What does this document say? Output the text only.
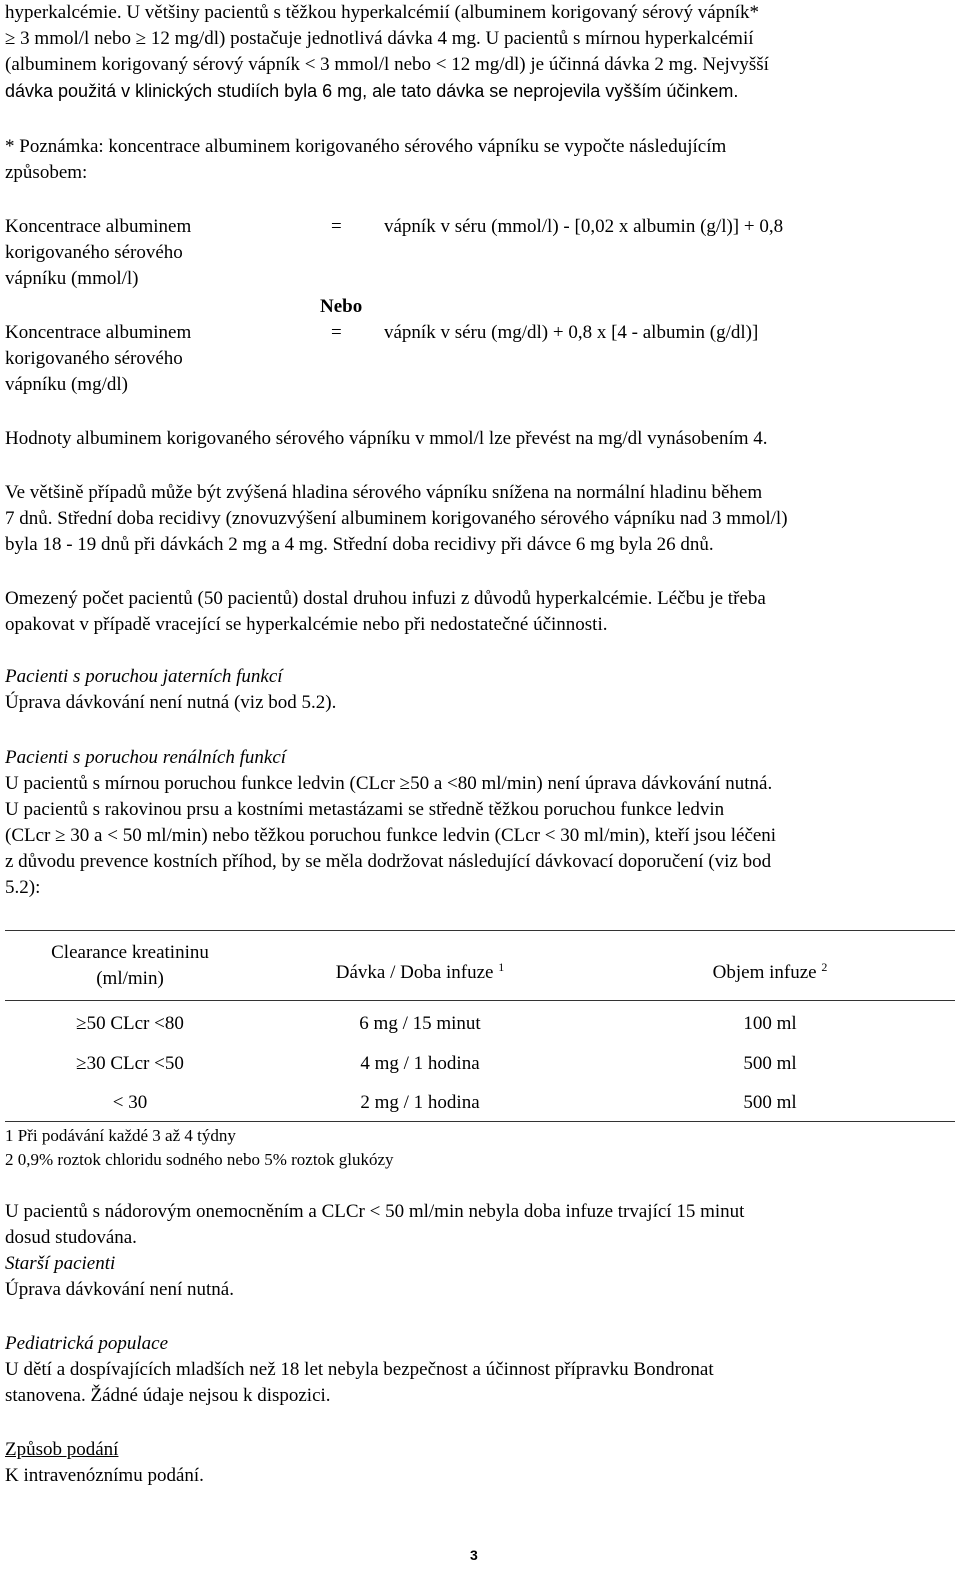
hyperkalcémie. U většiny pacientů s těžkou hyperkalcémií (albuminem korigovaný sérový vápník*

≥ 3 mmol/l nebo ≥ 12 mg/dl) postačuje jednotlivá dávka 4 mg. U pacientů s mírnou hyperkalcémií

(albuminem korigovaný sérový vápník < 3 mmol/l nebo < 12 mg/dl) je účinná dávka 2 mg. Nejvyšší

dávka použitá v klinických studiích byla 6 mg, ale tato dávka se neprojevila vyšším účinkem.

* Poznámka: koncentrace albuminem korigovaného sérového vápníku se vypočte následujícím

způsobem:

Koncentrace albuminem
korigovaného sérového
vápníku (mmol/l)
= vápník v séru (mmol/l) - [0,02 x albumin (g/l)] + 0,8
Nebo
Koncentrace albuminem
korigovaného sérového
vápníku (mg/dl)
= vápník v séru (mg/dl) + 0,8 x [4 - albumin (g/dl)]

Hodnoty albuminem korigovaného sérového vápníku v mmol/l lze převést na mg/dl vynásobením 4.

Ve většině případů může být zvýšená hladina sérového vápníku snížena na normální hladinu během

7 dnů. Střední doba recidivy (znovuzvýšení albuminem korigovaného sérového vápníku nad 3 mmol/l)

byla 18 - 19 dnů při dávkách 2 mg a 4 mg. Střední doba recidivy při dávce 6 mg byla 26 dnů.

Omezený počet pacientů (50 pacientů) dostal druhou infuzi z důvodů hyperkalcémie. Léčbu je třeba

opakovat v případě vracející se hyperkalcémie nebo při nedostatečné účinnosti.

Pacienti s poruchou jaterních funkcí

Úprava dávkování není nutná (viz bod 5.2).

Pacienti s poruchou renálních funkcí

U pacientů s mírnou poruchou funkce ledvin (CLcr ≥50 a <80 ml/min) není úprava dávkování nutná.

U pacientů s rakovinou prsu a kostními metastázami se středně těžkou poruchou funkce ledvin

(CLcr ≥ 30 a < 50 ml/min) nebo těžkou poruchou funkce ledvin (CLcr < 30 ml/min), kteří jsou léčeni

z důvodu prevence kostních příhod, by se měla dodržovat následující dávkovací doporučení (viz bod

5.2):

Clearance kreatininu
(ml/min)	Dávka / Doba infuze $^1$	Objem infuze $^2$
≥50 CLcr <80	6 mg / 15 minut	100 ml
≥30 CLcr <50	4 mg / 1 hodina	500 ml
< 30	2 mg / 1 hodina	500 ml
1 Při podávání každé 3 až 4 týdny
2 0,9% roztok chloridu sodného nebo 5% roztok glukózy

U pacientů s nádorovým onemocněním a CLCr < 50 ml/min nebyla doba infuze trvající 15 minut

dosud studována.

Starší pacienti

Úprava dávkování není nutná.

Pediatrická populace

U dětí a dospívajících mladších než 18 let nebyla bezpečnost a účinnost přípravku Bondronat

stanovena. Žádné údaje nejsou k dispozici.

Způsob podání

K intravenóznímu podání.

3
